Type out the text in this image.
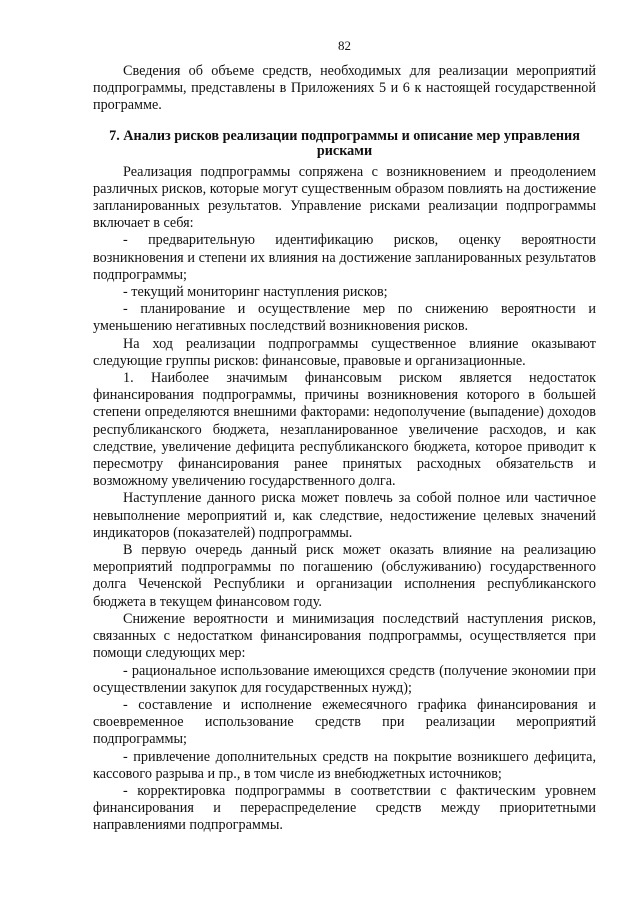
82

Сведения об объеме средств, необходимых для реализации мероприятий подпрограммы, представлены в Приложениях 5 и 6 к настоящей государственной программе.

7. Анализ рисков реализации подпрограммы и описание мер управления рисками

Реализация подпрограммы сопряжена с возникновением и преодолением различных рисков, которые могут существенным образом повлиять на достижение запланированных результатов. Управление рисками реализации подпрограммы включает в себя:

- предварительную идентификацию рисков, оценку вероятности возникновения и степени их влияния на достижение запланированных результатов подпрограммы;

- текущий мониторинг наступления рисков;

- планирование и осуществление мер по снижению вероятности и уменьшению негативных последствий возникновения рисков.

На ход реализации подпрограммы существенное влияние оказывают следующие группы рисков: финансовые, правовые и организационные.

1. Наиболее значимым финансовым риском является недостаток финансирования подпрограммы, причины возникновения которого в большей степени определяются внешними факторами: недополучение (выпадение) доходов республиканского бюджета, незапланированное увеличение расходов, и как следствие, увеличение дефицита республиканского бюджета, которое приводит к пересмотру финансирования ранее принятых расходных обязательств и возможному увеличению государственного долга.

Наступление данного риска может повлечь за собой полное или частичное невыполнение мероприятий и, как следствие, недостижение целевых значений индикаторов (показателей) подпрограммы.

В первую очередь данный риск может оказать влияние на реализацию мероприятий подпрограммы по погашению (обслуживанию) государственного долга Чеченской Республики и организации исполнения республиканского бюджета в текущем финансовом году.

Снижение вероятности и минимизация последствий наступления рисков, связанных с недостатком финансирования подпрограммы, осуществляется при помощи следующих мер:

- рациональное использование имеющихся средств (получение экономии при осуществлении закупок для государственных нужд);

- составление и исполнение ежемесячного графика финансирования и своевременное использование средств при реализации мероприятий подпрограммы;

- привлечение дополнительных средств на покрытие возникшего дефицита, кассового разрыва и пр., в том числе из внебюджетных источников;

- корректировка подпрограммы в соответствии с фактическим уровнем финансирования и перераспределение средств между приоритетными направлениями подпрограммы.
